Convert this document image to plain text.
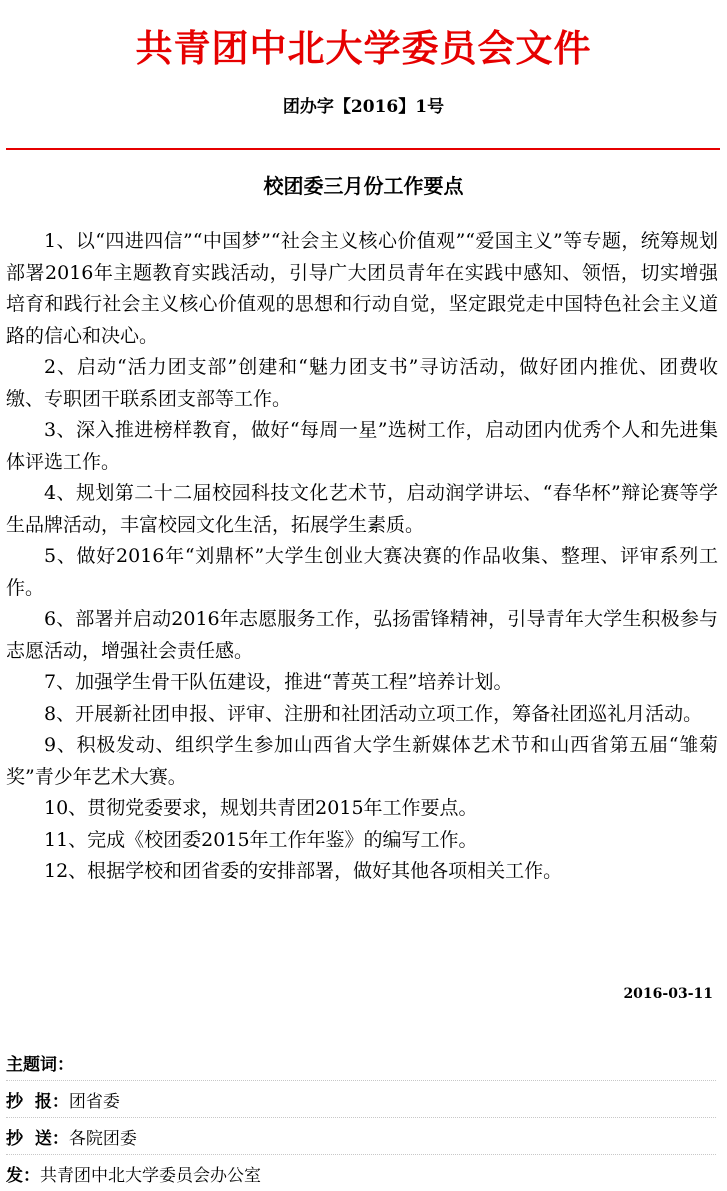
共青团中北大学委员会文件
团办字【2016】1号
校团委三月份工作要点

1、以“四进四信”“中国梦”“社会主义核心价值观”“爱国主义”等专题，统筹规划部署2016年主题教育实践活动，引导广大团员青年在实践中感知、领悟，切实增强培育和践行社会主义核心价值观的思想和行动自觉，坚定跟党走中国特色社会主义道路的信心和决心。

2、启动“活力团支部”创建和“魅力团支书”寻访活动，做好团内推优、团费收缴、专职团干联系团支部等工作。

3、深入推进榜样教育，做好“每周一星”选树工作，启动团内优秀个人和先进集体评选工作。

4、规划第二十二届校园科技文化艺术节，启动润学讲坛、“春华杯”辩论赛等学生品牌活动，丰富校园文化生活，拓展学生素质。

5、做好2016年“刘鼎杯”大学生创业大赛决赛的作品收集、整理、评审系列工作。

6、部署并启动2016年志愿服务工作，弘扬雷锋精神，引导青年大学生积极参与志愿活动，增强社会责任感。

7、加强学生骨干队伍建设，推进“菁英工程”培养计划。

8、开展新社团申报、评审、注册和社团活动立项工作，筹备社团巡礼月活动。

9、积极发动、组织学生参加山西省大学生新媒体艺术节和山西省第五届“雏菊奖”青少年艺术大赛。

10、贯彻党委要求，规划共青团2015年工作要点。

11、完成《校团委2015年工作年鉴》的编写工作。

12、根据学校和团省委的安排部署，做好其他各项相关工作。

2016-03-11
主题词：
抄  报： 团省委
抄  送： 各院团委
发： 共青团中北大学委员会办公室
